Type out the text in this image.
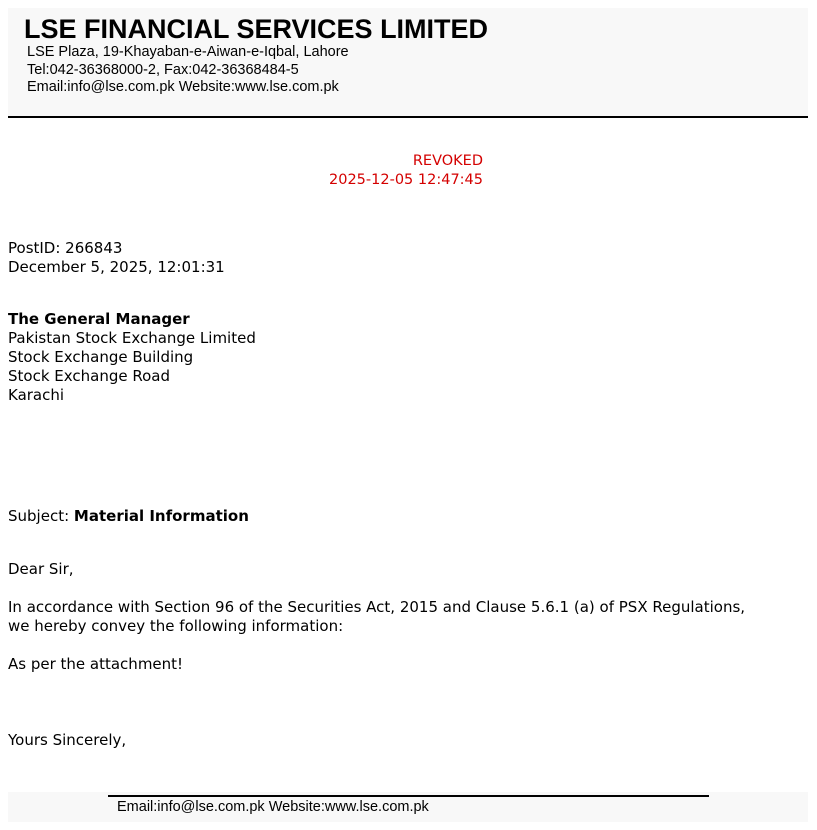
LSE FINANCIAL SERVICES LIMITED
LSE Plaza, 19-Khayaban-e-Aiwan-e-Iqbal, Lahore
Tel:042-36368000-2, Fax:042-36368484-5
Email:info@lse.com.pk Website:www.lse.com.pk
REVOKED
2025-12-05 12:47:45
PostID: 266843
December 5, 2025, 12:01:31
The General Manager
Pakistan Stock Exchange Limited
Stock Exchange Building
Stock Exchange Road
Karachi
Subject: Material Information
Dear Sir,
In accordance with Section 96 of the Securities Act, 2015 and Clause 5.6.1 (a) of PSX Regulations,
we hereby convey the following information:
As per the attachment!
Yours Sincerely,
Email:info@lse.com.pk Website:www.lse.com.pk
